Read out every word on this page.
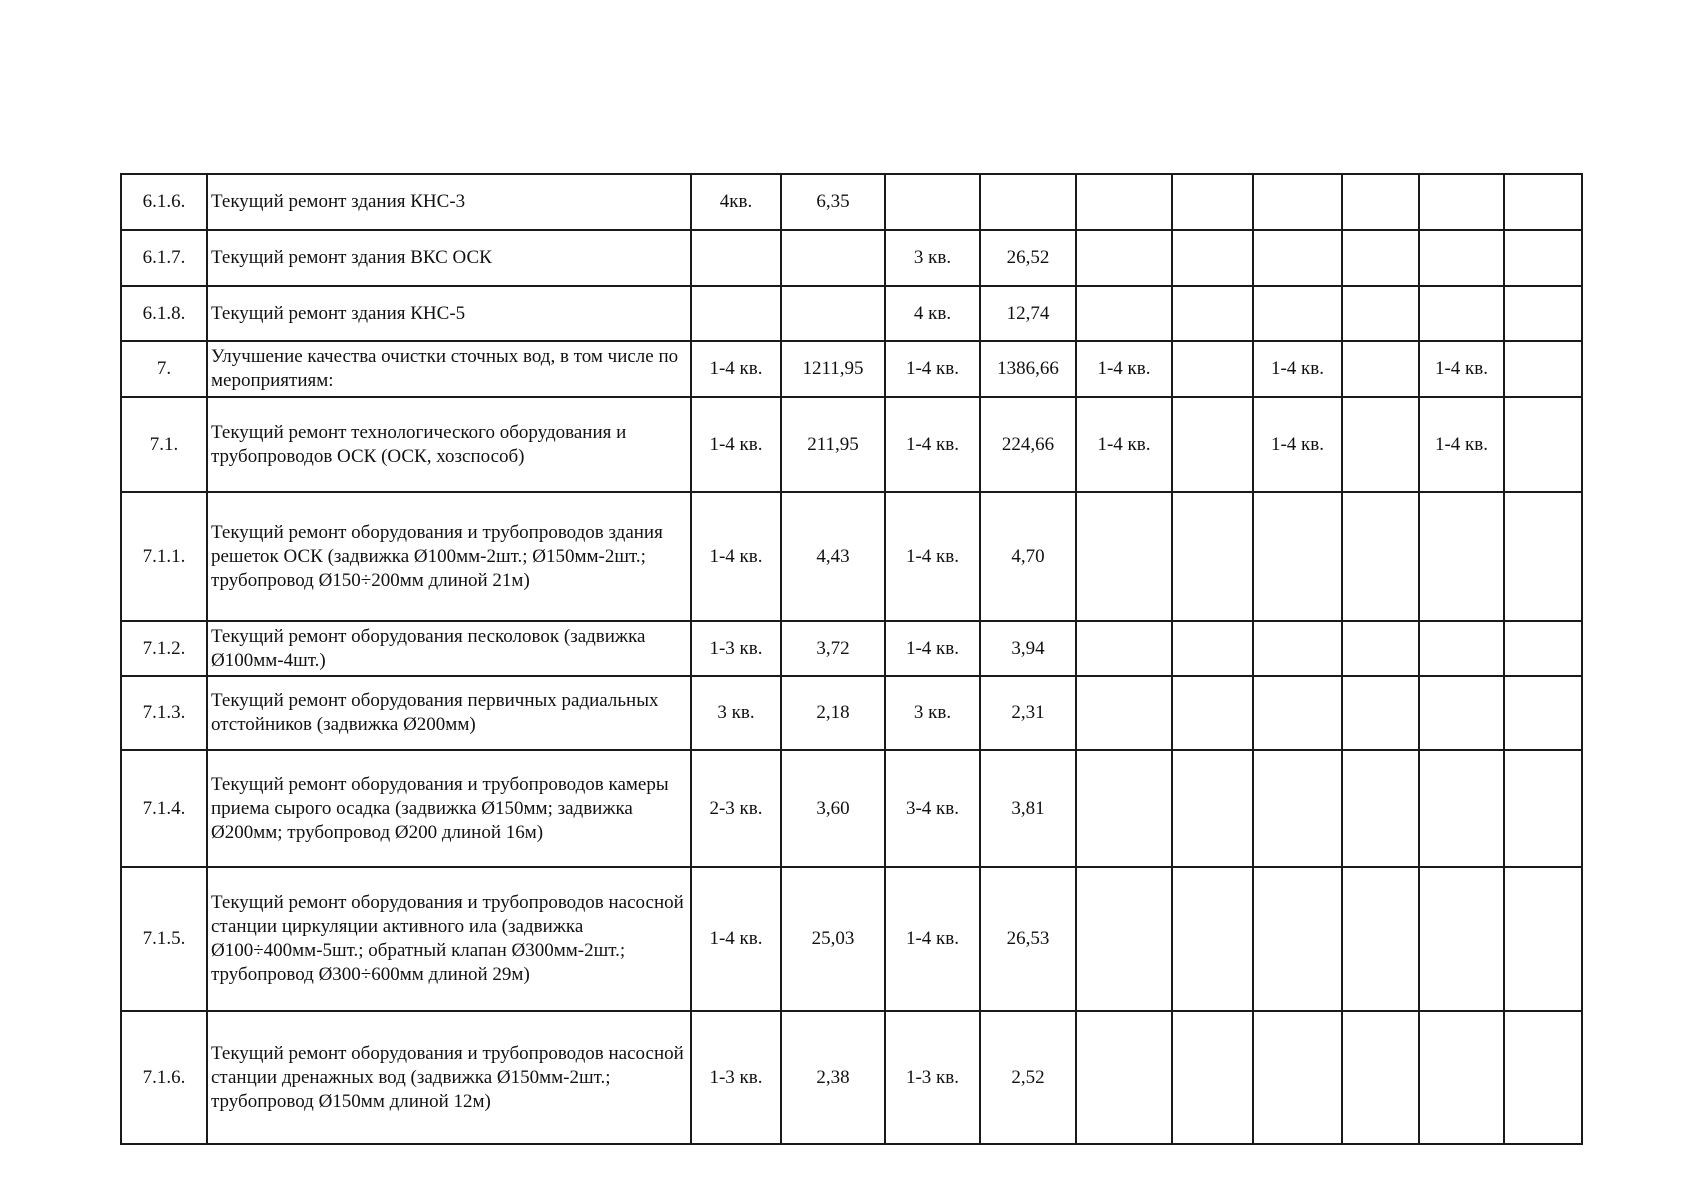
6.1.6.	Текущий ремонт здания КНС-3	4кв.	6,35								
6.1.7.	Текущий ремонт здания ВКС ОСК			3 кв.	26,52						
6.1.8.	Текущий ремонт здания КНС-5			4 кв.	12,74						
7.	Улучшение качества очистки сточных вод, в том числе по мероприятиям:	1-4 кв.	1211,95	1-4 кв.	1386,66	1-4 кв.		1-4 кв.		1-4 кв.	
7.1.	Текущий ремонт технологического оборудования и трубопроводов ОСК (ОСК, хозспособ)	1-4 кв.	211,95	1-4 кв.	224,66	1-4 кв.		1-4 кв.		1-4 кв.	
7.1.1.	Текущий ремонт оборудования и трубопроводов здания решеток ОСК (задвижка Ø100мм-2шт.; Ø150мм-2шт.; трубопровод Ø150÷200мм длиной 21м)	1-4 кв.	4,43	1-4 кв.	4,70						
7.1.2.	Текущий ремонт оборудования песколовок (задвижка Ø100мм-4шт.)	1-3 кв.	3,72	1-4 кв.	3,94						
7.1.3.	Текущий ремонт оборудования первичных радиальных отстойников (задвижка Ø200мм)	3 кв.	2,18	3 кв.	2,31						
7.1.4.	Текущий ремонт оборудования и трубопроводов камеры приема сырого осадка (задвижка Ø150мм; задвижка Ø200мм; трубопровод Ø200 длиной 16м)	2-3 кв.	3,60	3-4 кв.	3,81						
7.1.5.	Текущий ремонт оборудования и трубопроводов насосной станции циркуляции активного ила (задвижка Ø100÷400мм-5шт.; обратный клапан Ø300мм-2шт.; трубопровод Ø300÷600мм длиной 29м)	1-4 кв.	25,03	1-4 кв.	26,53						
7.1.6.	Текущий ремонт оборудования и трубопроводов насосной станции дренажных вод (задвижка Ø150мм-2шт.; трубопровод Ø150мм длиной 12м)	1-3 кв.	2,38	1-3 кв.	2,52						
